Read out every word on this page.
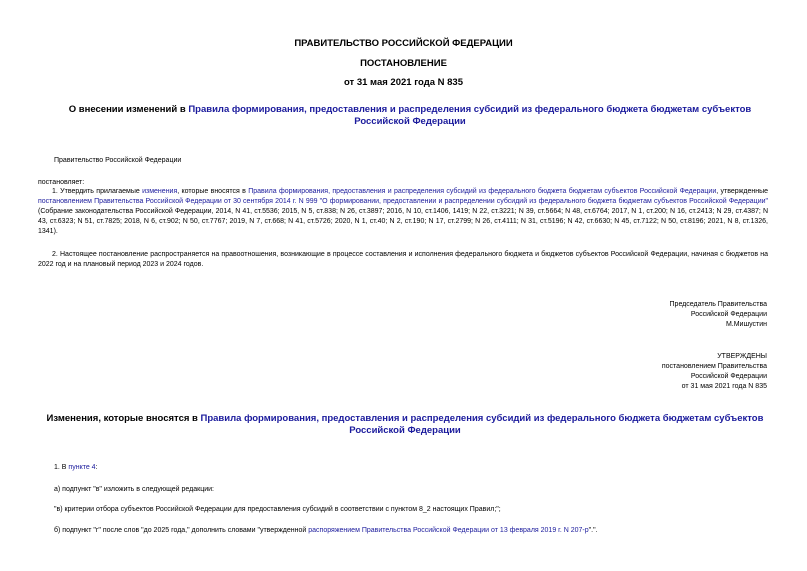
ПРАВИТЕЛЬСТВО РОССИЙСКОЙ ФЕДЕРАЦИИ
ПОСТАНОВЛЕНИЕ
от 31 мая 2021 года N 835
О внесении изменений в Правила формирования, предоставления и распределения субсидий из федерального бюджета бюджетам субъектов Российской Федерации
Правительство Российской Федерации
постановляет:
1. Утвердить прилагаемые изменения, которые вносятся в Правила формирования, предоставления и распределения субсидий из федерального бюджета бюджетам субъектов Российской Федерации, утвержденные постановлением Правительства Российской Федерации от 30 сентября 2014 г. N 999 "О формировании, предоставлении и распределении субсидий из федерального бюджета бюджетам субъектов Российской Федерации" (Собрание законодательства Российской Федерации, 2014, N 41, ст.5536; 2015, N 5, ст.838; N 26, ст.3897; 2016, N 10, ст.1406, 1419; N 22, ст.3221; N 39, ст.5664; N 48, ст.6764; 2017, N 1, ст.200; N 16, ст.2413; N 29, ст.4387; N 43, ст.6323; N 51, ст.7825; 2018, N 6, ст.902; N 50, ст.7767; 2019, N 7, ст.668; N 41, ст.5726; 2020, N 1, ст.40; N 2, ст.190; N 17, ст.2799; N 26, ст.4111; N 31, ст.5196; N 42, ст.6630; N 45, ст.7122; N 50, ст.8196; 2021, N 8, ст.1326, 1341).
2. Настоящее постановление распространяется на правоотношения, возникающие в процессе составления и исполнения федерального бюджета и бюджетов субъектов Российской Федерации, начиная с бюджетов на 2022 год и на плановый период 2023 и 2024 годов.
Председатель Правительства
Российской Федерации
М.Мишустин
УТВЕРЖДЕНЫ
постановлением Правительства
Российской Федерации
от 31 мая 2021 года N 835
Изменения, которые вносятся в Правила формирования, предоставления и распределения субсидий из федерального бюджета бюджетам субъектов Российской Федерации
1. В пункте 4:
а) подпункт "в" изложить в следующей редакции:
"в) критерии отбора субъектов Российской Федерации для предоставления субсидий в соответствии с пунктом 8_2 настоящих Правил;";
б) подпункт "г" после слов "до 2025 года," дополнить словами "утвержденной распоряжением Правительства Российской Федерации от 13 февраля 2019 г. N 207-р".".
